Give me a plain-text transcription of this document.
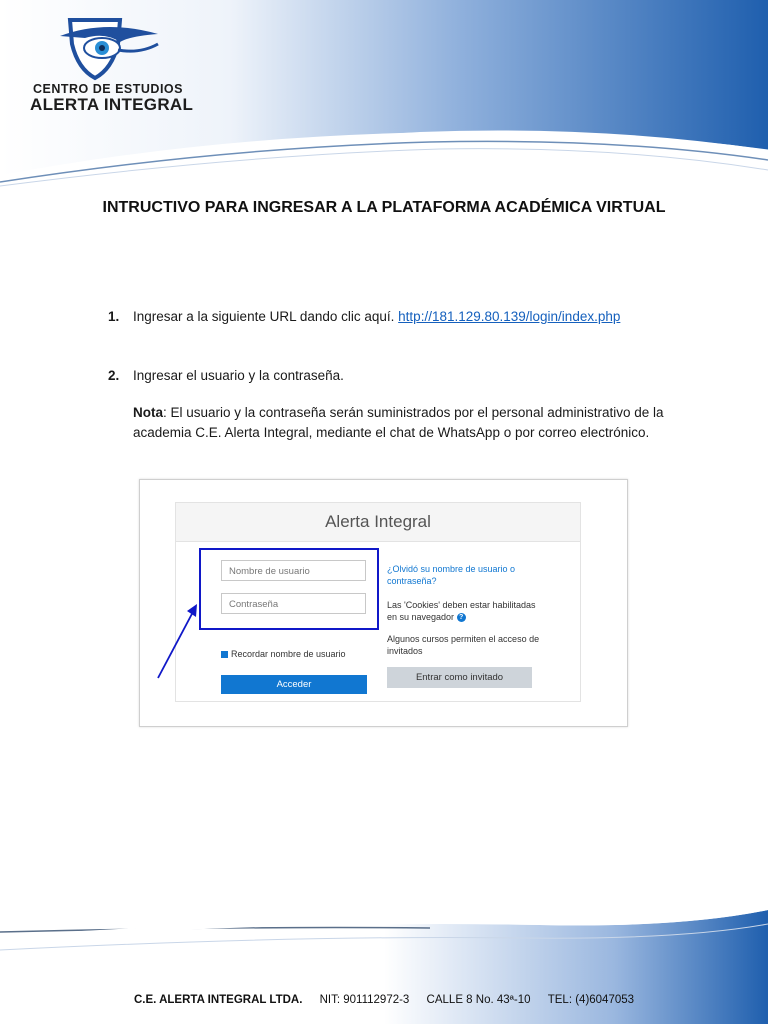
CENTRO DE ESTUDIOS
ALERTA INTEGRAL
INTRUCTIVO PARA INGRESAR A LA PLATAFORMA ACADÉMICA VIRTUAL
1. Ingresar a la siguiente URL dando clic aquí. http://181.129.80.139/login/index.php
2. Ingresar el usuario y la contraseña.
Nota: El usuario y la contraseña serán suministrados por el personal administrativo de la academia C.E. Alerta Integral, mediante el chat de WhatsApp o por correo electrónico.
Alerta Integral
Nombre de usuario
Contraseña
Recordar nombre de usuario
Acceder
¿Olvidó su nombre de usuario o contraseña?
Las 'Cookies' deben estar habilitadas en su navegador ?
Algunos cursos permiten el acceso de invitados
Entrar como invitado
C.E. ALERTA INTEGRAL LTDA. NIT: 901112972-3 CALLE 8 No. 43ª-10 TEL: (4)6047053
